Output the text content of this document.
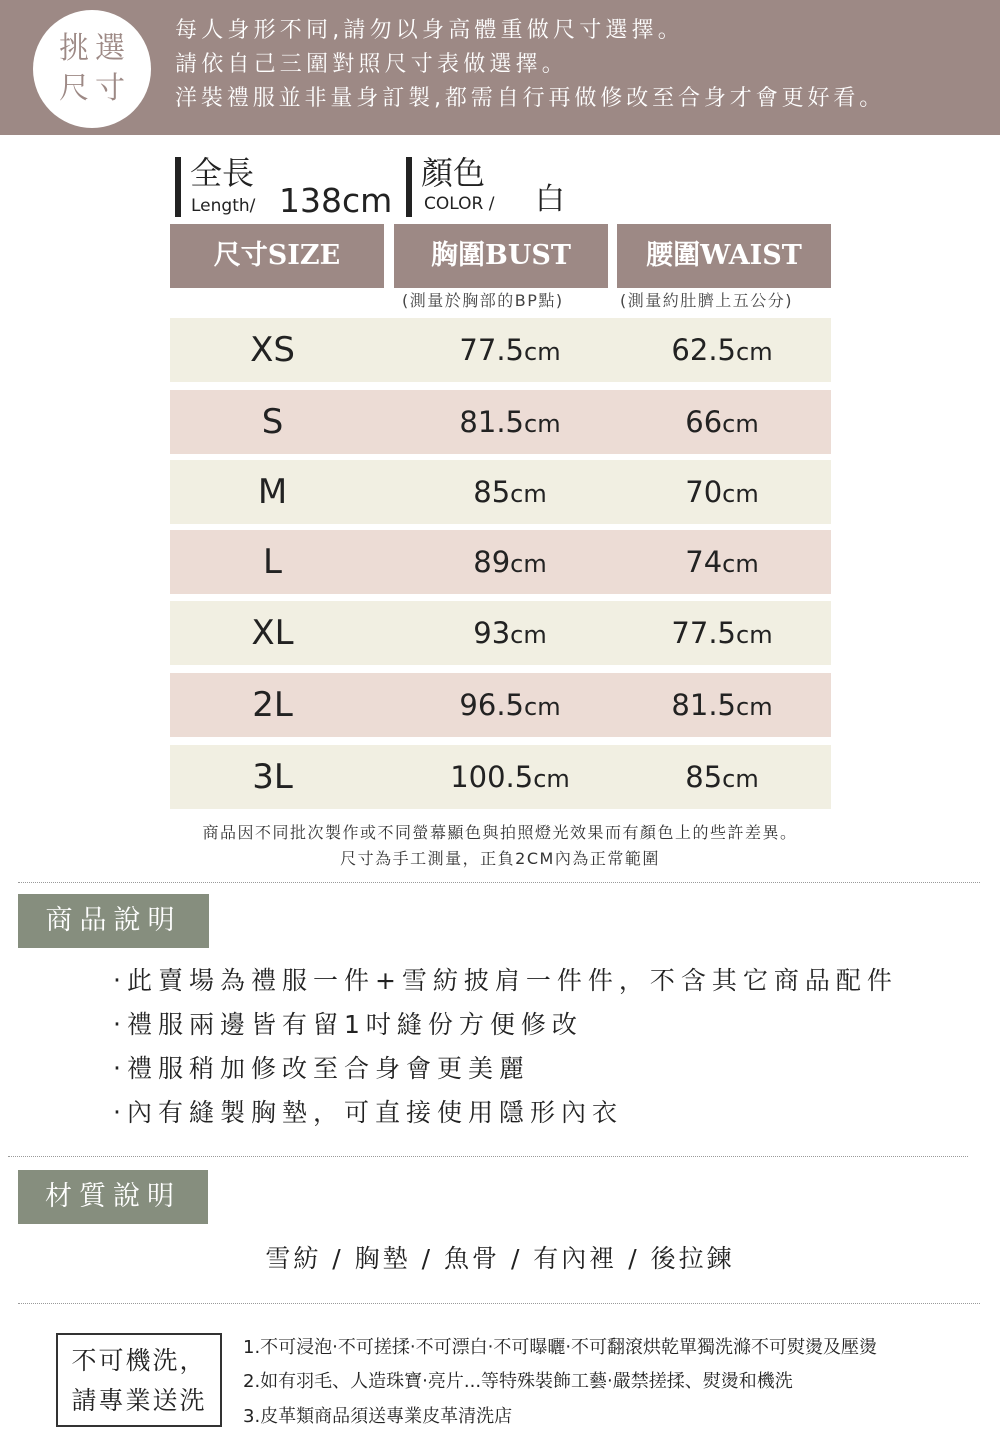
挑選
尺寸
每人身形不同,請勿以身高體重做尺寸選擇。
請依自己三圍對照尺寸表做選擇。
洋裝禮服並非量身訂製,都需自行再做修改至合身才會更好看。
全長
Length/ 138cm
顏色
COLOR / 白
尺寸SIZE	胸圍BUST	腰圍WAIST
(測量於胸部的BP點)	(測量約肚臍上五公分)
XS	77.5cm	62.5cm
S	81.5cm	66cm
M	85cm	70cm
L	89cm	74cm
XL	93cm	77.5cm
2L	96.5cm	81.5cm
3L	100.5cm	85cm
商品因不同批次製作或不同螢幕顯色與拍照燈光效果而有顏色上的些許差異。
尺寸為手工測量，正負2CM內為正常範圍
商品說明
‧此賣場為禮服一件+雪紡披肩一件件，不含其它商品配件
‧禮服兩邊皆有留1吋縫份方便修改
‧禮服稍加修改至合身會更美麗
‧內有縫製胸墊，可直接使用隱形內衣
材質說明
雪紡 / 胸墊 / 魚骨 / 有內裡 / 後拉鍊
不可機洗，
請專業送洗
1.不可浸泡‧不可搓揉‧不可漂白‧不可曝曬‧不可翻滾烘乾單獨洗滌不可熨燙及壓燙
2.如有羽毛、人造珠寶‧亮片...等特殊裝飾工藝‧嚴禁搓揉、熨燙和機洗
3.皮革類商品須送專業皮革清洗店
